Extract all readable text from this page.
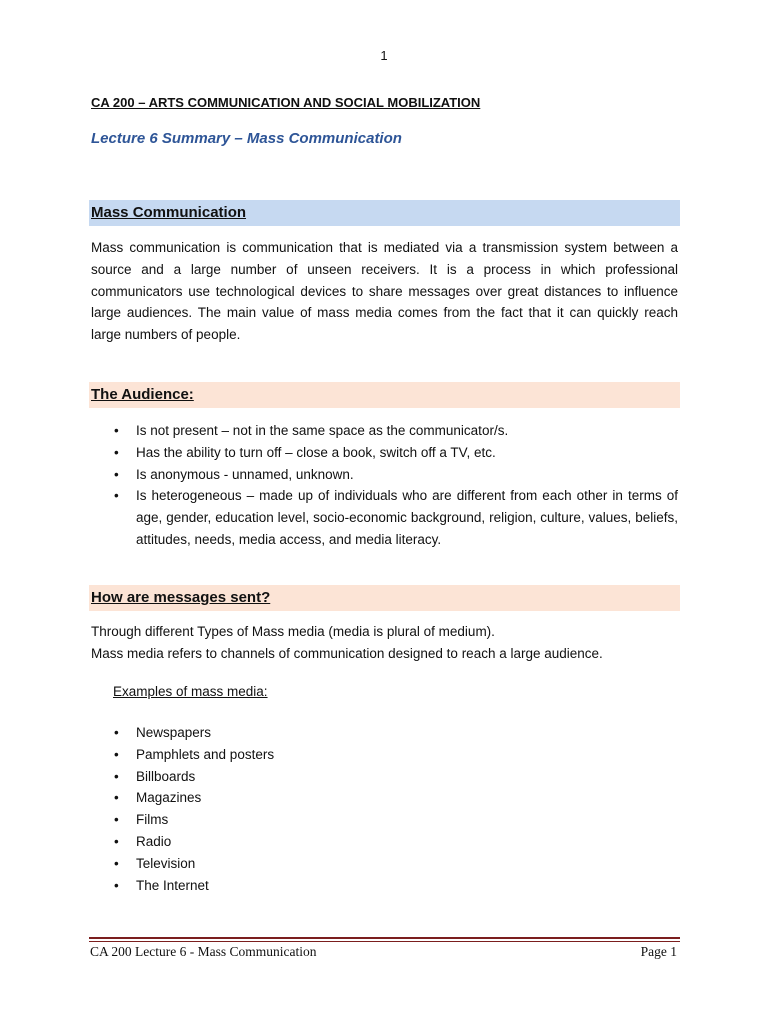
1
CA 200 – ARTS COMMUNICATION AND SOCIAL MOBILIZATION
Lecture 6 Summary – Mass Communication
Mass Communication

Mass communication is communication that is mediated via a transmission system between a source and a large number of unseen receivers. It is a process in which professional communicators use technological devices to share messages over great distances to influence large audiences. The main value of mass media comes from the fact that it can quickly reach large numbers of people.

The Audience:
• Is not present – not in the same space as the communicator/s.
• Has the ability to turn off – close a book, switch off a TV, etc.
• Is anonymous - unnamed, unknown.
• Is heterogeneous – made up of individuals who are different from each other in terms of age, gender, education level, socio-economic background, religion, culture, values, beliefs, attitudes, needs, media access, and media literacy.
How are messages sent?

Through different Types of Mass media (media is plural of medium).

Mass media refers to channels of communication designed to reach a large audience.

Examples of mass media:
• Newspapers
• Pamphlets and posters
• Billboards
• Magazines
• Films
• Radio
• Television
• The Internet
CA 200 Lecture 6 - Mass Communication	Page 1
